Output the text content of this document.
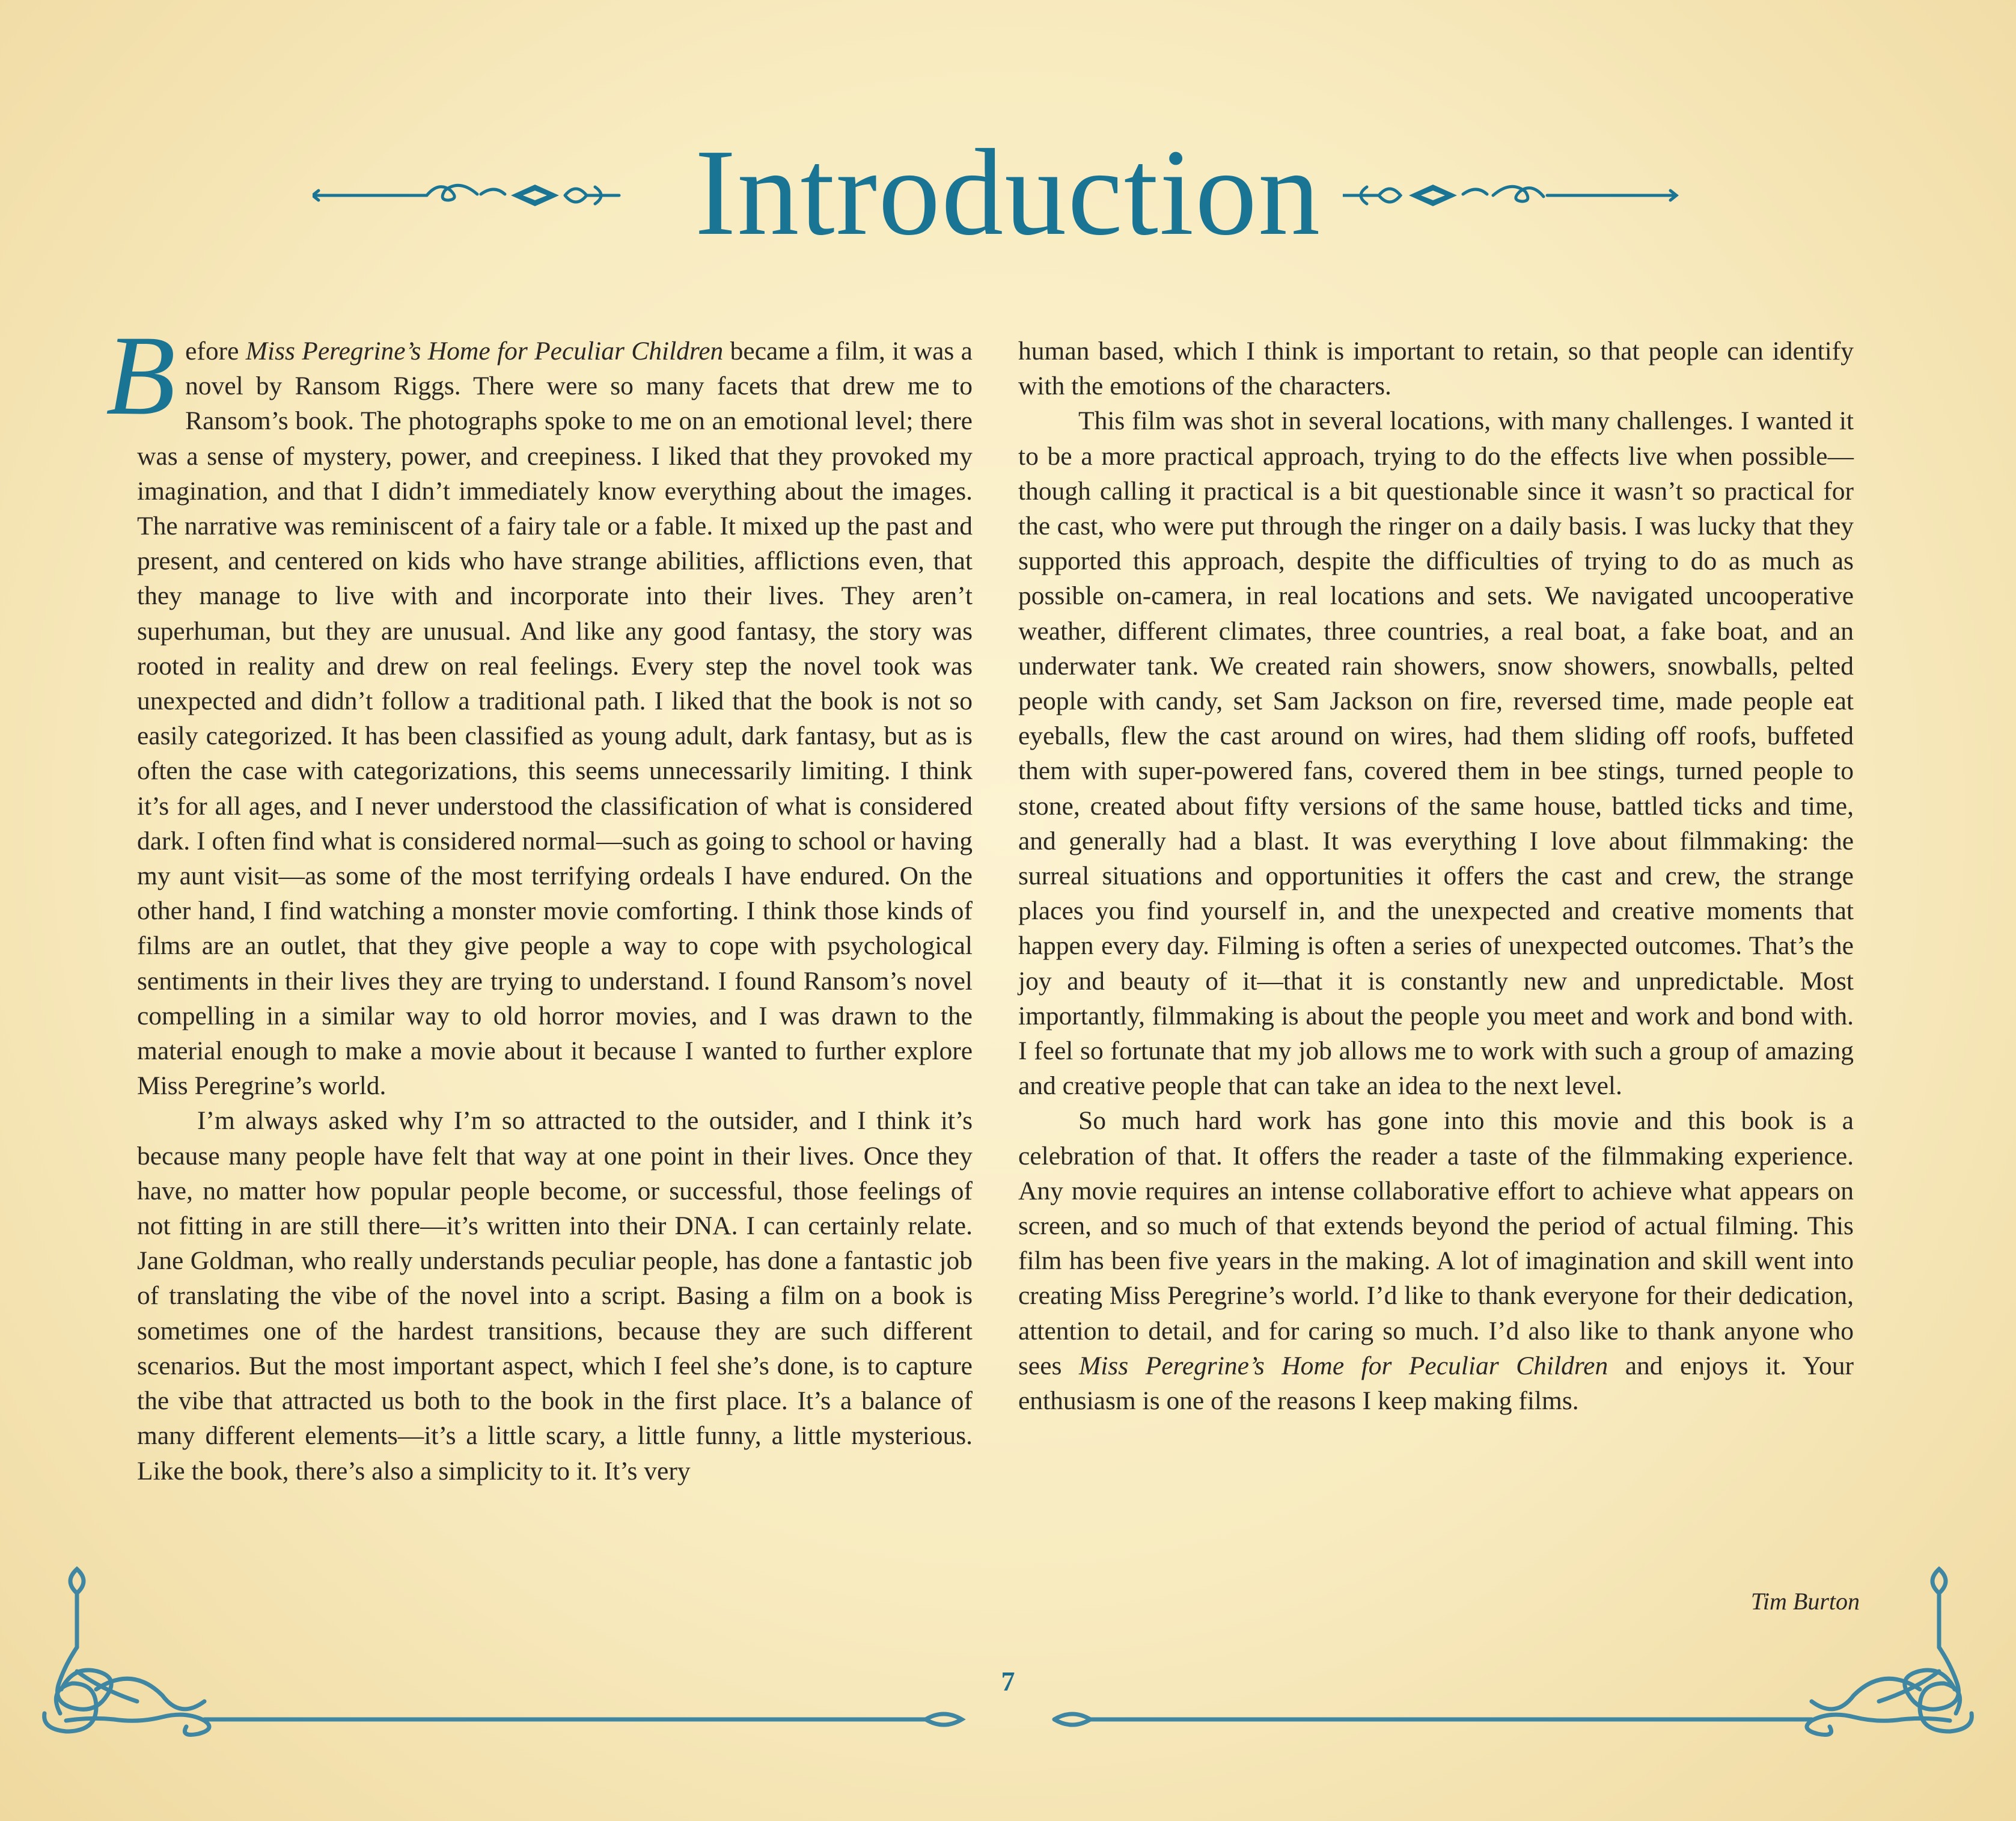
Introduction

Before Miss Peregrine’s Home for Peculiar Children became a film, it was a novel by Ransom Riggs. There were so many facets that drew me to Ransom’s book. The photographs spoke to me on an emotional level; there was a sense of mystery, power, and creepiness. I liked that they provoked my imagination, and that I didn’t immediately know everything about the images. The narrative was reminiscent of a fairy tale or a fable. It mixed up the past and present, and centered on kids who have strange abilities, afflictions even, that they manage to live with and incorporate into their lives. They aren’t superhuman, but they are unusual. And like any good fantasy, the story was rooted in reality and drew on real feelings. Every step the novel took was unexpected and didn’t follow a traditional path. I liked that the book is not so easily categorized. It has been classified as young adult, dark fantasy, but as is often the case with categorizations, this seems unnecessarily limiting. I think it’s for all ages, and I never understood the classification of what is considered dark. I often find what is considered normal—such as going to school or having my aunt visit—as some of the most terrifying ordeals I have endured. On the other hand, I find watching a monster movie comforting. I think those kinds of films are an outlet, that they give people a way to cope with psychological sentiments in their lives they are trying to understand. I found Ransom’s novel compelling in a similar way to old horror movies, and I was drawn to the material enough to make a movie about it because I wanted to further explore Miss Peregrine’s world.

I’m always asked why I’m so attracted to the outsider, and I think it’s because many people have felt that way at one point in their lives. Once they have, no matter how popular people become, or successful, those feelings of not fitting in are still there—it’s written into their DNA. I can certainly relate. Jane Goldman, who really understands peculiar people, has done a fantastic job of translating the vibe of the novel into a script. Basing a film on a book is sometimes one of the hardest transitions, because they are such different scenarios. But the most important aspect, which I feel she’s done, is to capture the vibe that attracted us both to the book in the first place. It’s a balance of many different elements—it’s a little scary, a little funny, a little mysterious. Like the book, there’s also a simplicity to it. It’s very

human based, which I think is important to retain, so that people can identify with the emotions of the characters.

This film was shot in several locations, with many challenges. I wanted it to be a more practical approach, trying to do the effects live when possible—though calling it practical is a bit questionable since it wasn’t so practical for the cast, who were put through the ringer on a daily basis. I was lucky that they supported this approach, despite the difficulties of trying to do as much as possible on-camera, in real locations and sets. We navigated uncooperative weather, different climates, three countries, a real boat, a fake boat, and an underwater tank. We created rain showers, snow showers, snowballs, pelted people with candy, set Sam Jackson on fire, reversed time, made people eat eyeballs, flew the cast around on wires, had them sliding off roofs, buffeted them with super-powered fans, covered them in bee stings, turned people to stone, created about fifty versions of the same house, battled ticks and time, and generally had a blast. It was everything I love about filmmaking: the surreal situations and opportunities it offers the cast and crew, the strange places you find yourself in, and the unexpected and creative moments that happen every day. Filming is often a series of unexpected outcomes. That’s the joy and beauty of it—that it is constantly new and unpredictable. Most importantly, filmmaking is about the people you meet and work and bond with. I feel so fortunate that my job allows me to work with such a group of amazing and creative people that can take an idea to the next level.

So much hard work has gone into this movie and this book is a celebration of that. It offers the reader a taste of the filmmaking experience. Any movie requires an intense collaborative effort to achieve what appears on screen, and so much of that extends beyond the period of actual filming. This film has been five years in the making. A lot of imagination and skill went into creating Miss Peregrine’s world. I’d like to thank everyone for their dedication, attention to detail, and for caring so much. I’d also like to thank anyone who sees Miss Peregrine’s Home for Peculiar Children and enjoys it. Your enthusiasm is one of the reasons I keep making films.

Tim Burton
7
